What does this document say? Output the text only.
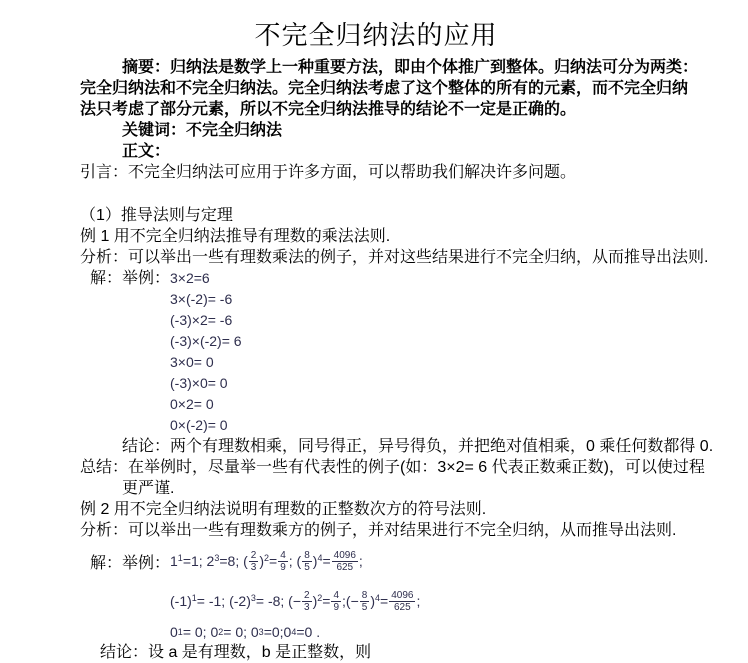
不完全归纳法的应用
摘要：归纳法是数学上一种重要方法，即由个体推广到整体。归纳法可分为两类：
完全归纳法和不完全归纳法。完全归纳法考虑了这个整体的所有的元素，而不完全归纳
法只考虑了部分元素，所以不完全归纳法推导的结论不一定是正确的。
关键词：不完全归纳法
正文：
引言：不完全归纳法可应用于许多方面，可以帮助我们解决许多问题。
（1）推导法则与定理
例 1 用不完全归纳法推导有理数的乘法法则.
分析：可以举出一些有理数乘法的例子，并对这些结果进行不完全归纳，从而推导出法则.
解：举例：3×2=6
3×(-2)= -6
(-3)×2= -6
(-3)×(-2)= 6
3×0= 0
(-3)×0= 0
0×2= 0
0×(-2)= 0
结论：两个有理数相乘，同号得正，异号得负，并把绝对值相乘，0 乘任何数都得 0.
总结：在举例时，尽量举一些有代表性的例子(如：3×2= 6 代表正数乘正数)，可以使过程
更严谨.
例 2 用不完全归纳法说明有理数的正整数次方的符号法则.
分析：可以举出一些有理数乘方的例子，并对结果进行不完全归纳，从而推导出法则.
解：举例： 1 1 =1; 2 3 =8; ( $\frac{2}{3}$ ) $2 = \frac{4}{9}$ ; ( $\frac{8}{5}$ ) $4 = \frac{4096}{625}$ ;
(-1) 1 = -1; (-2) 3 = -8; (− $\frac{2}{3}$ ) $2 = \frac{4}{9}$ ;(− $\frac{8}{5}$ ) $4 = \frac{4096}{625}$ ;
0 1 = 0; 0 2 = 0; 0 3 =0;0 4 =0 .
结论：设 a 是有理数，b 是正整数，则
